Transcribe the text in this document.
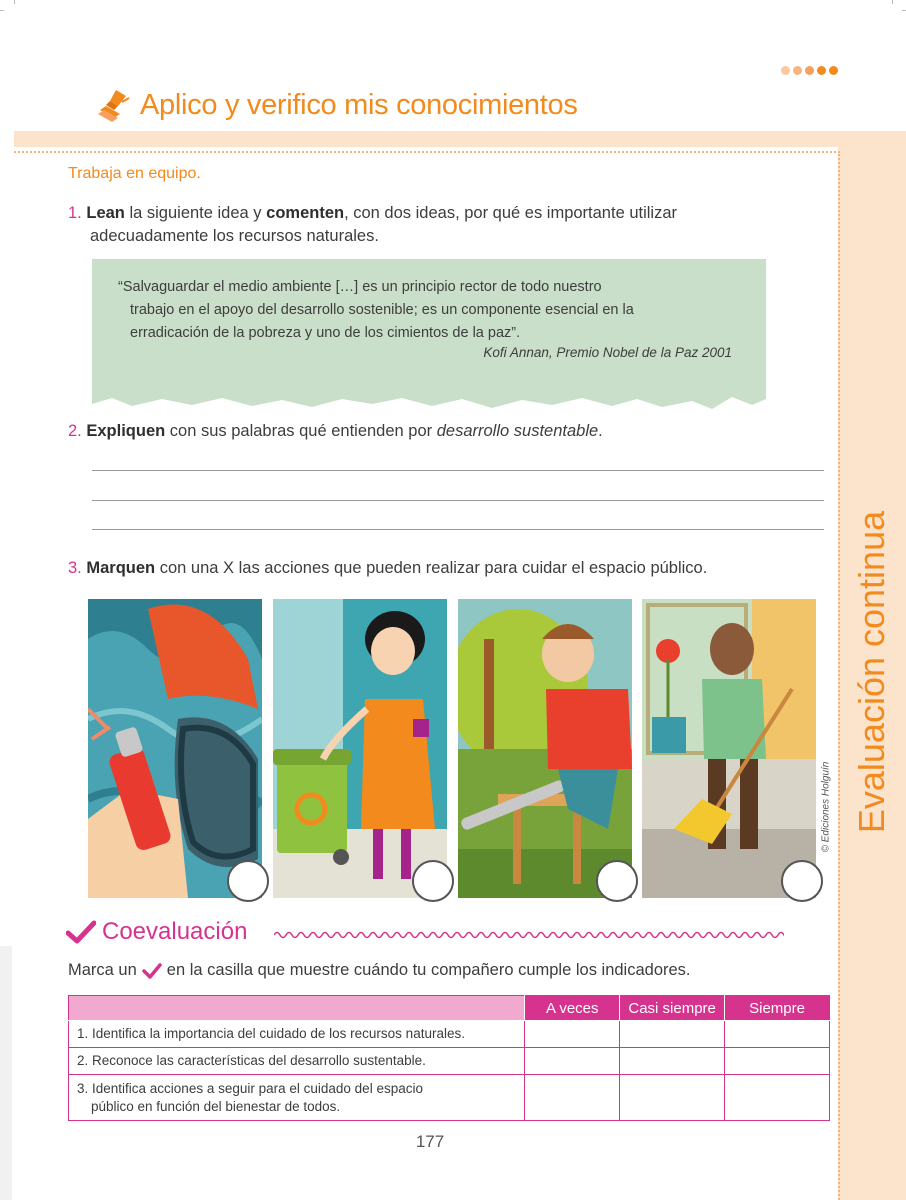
Aplico y verifico mis conocimientos
Evaluación continua
© Ediciones Holguín
Trabaja en equipo.
1. Lean la siguiente idea y comenten, con dos ideas, por qué es importante utilizar
adecuadamente los recursos naturales.
“Salvaguardar el medio ambiente […] es un principio rector de todo nuestro
trabajo en el apoyo del desarrollo sostenible; es un componente esencial en la
erradicación de la pobreza y uno de los cimientos de la paz”.
Kofi Annan, Premio Nobel de la Paz 2001
2. Expliquen con sus palabras qué entienden por desarrollo sustentable.
3. Marquen con una X las acciones que pueden realizar para cuidar el espacio público.
Coevaluación
Marca un en la casilla que muestre cuándo tu compañero cumple los indicadores.
	A veces	Casi siempre	Siempre
1. Identifica la importancia del cuidado de los recursos naturales.			
2. Reconoce las características del desarrollo sustentable.			
3. Identifica acciones a seguir para el cuidado del espacio
público en función del bienestar de todos.			

177
